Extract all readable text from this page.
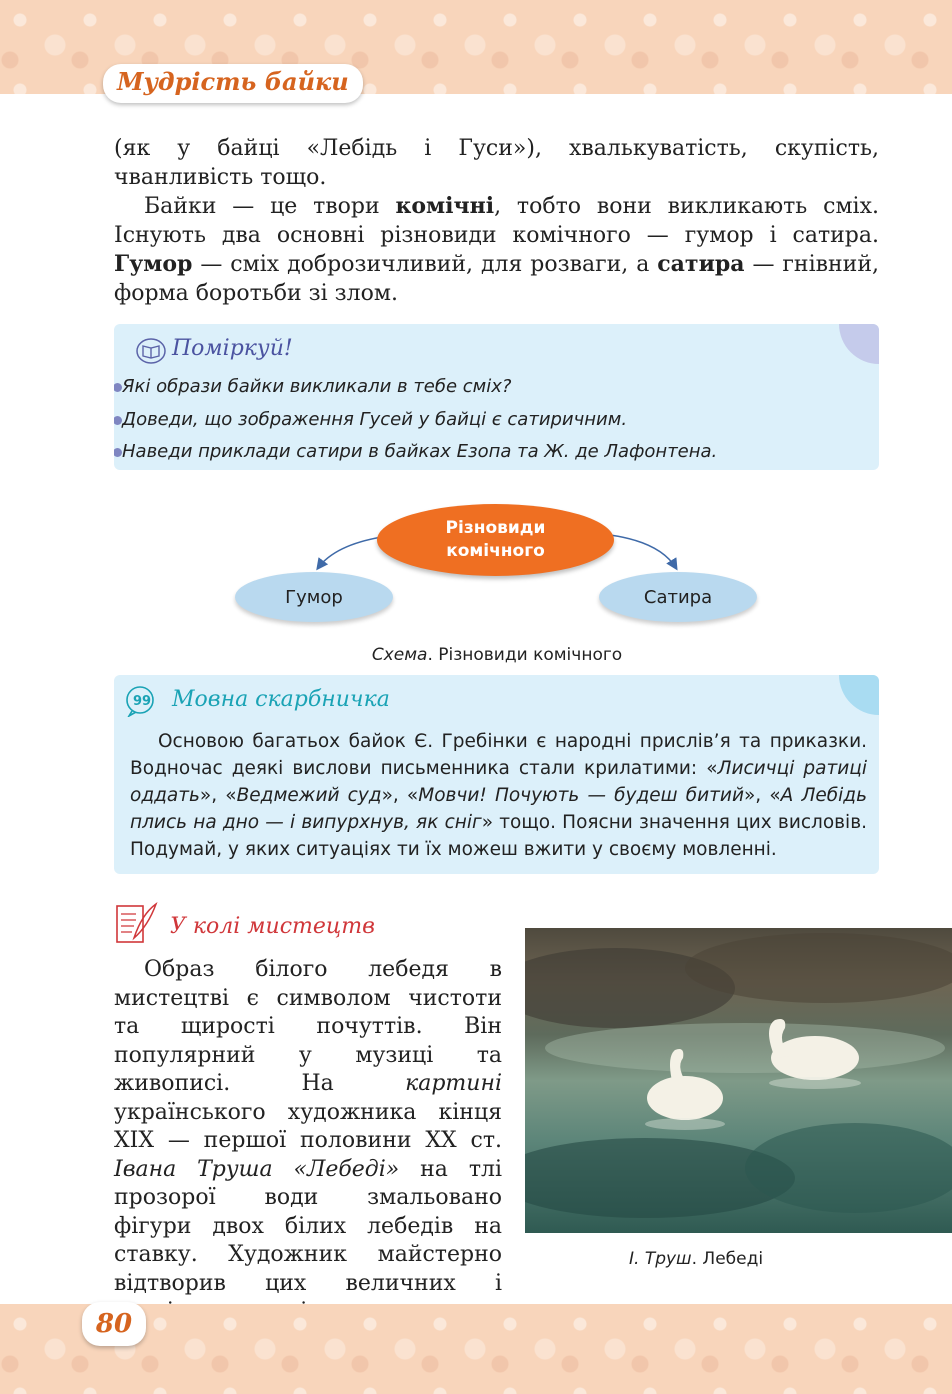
Мудрість байки

(як у байці «Лебідь і Гуси»), хвалькуватість, скупість, чванливість тощо.

Байки — це твори комічні, тобто вони викликають сміх. Існують два основні різновиди комічного — гумор і сатира. Гумор — сміх доброзичливий, для розваги, а сатира — гнівний, форма боротьби зі злом.

Поміркуй!
Які образи байки викликали в тебе сміх?
Доведи, що зображення Гусей у байці є сатиричним.
Наведи приклади сатири в байках Езопа та Ж. де Лафонтена.
Різновиди комічного
Гумор	Сатира
Схема. Різновиди комічного
99 Мовна скарбничка

Основою багатьох байок Є. Гребінки є народні прислів’я та приказки. Водночас деякі вислови письменника стали крилатими: «Лисичці ратиці оддать», «Ведмежий суд», «Мовчи! Почують — будеш битий», «А Лебідь плись на дно — і випурхнув, як сніг» тощо. Поясни значення цих висловів. Подумай, у яких ситуаціях ти їх можеш вжити у своєму мовленні.

У колі мистецтв

Образ білого лебедя в мистецтві є символом чистоти та щирості почуттів. Він популярний у музиці та живописі. На картині українського художника кінця XIX — першої половини XX ст. Івана Труша «Лебеді» на тлі прозорої води змальовано фігури двох білих лебедів на ставку. Художник майстерно відтворив цих величних і

І. Труш. Лебеді
80
